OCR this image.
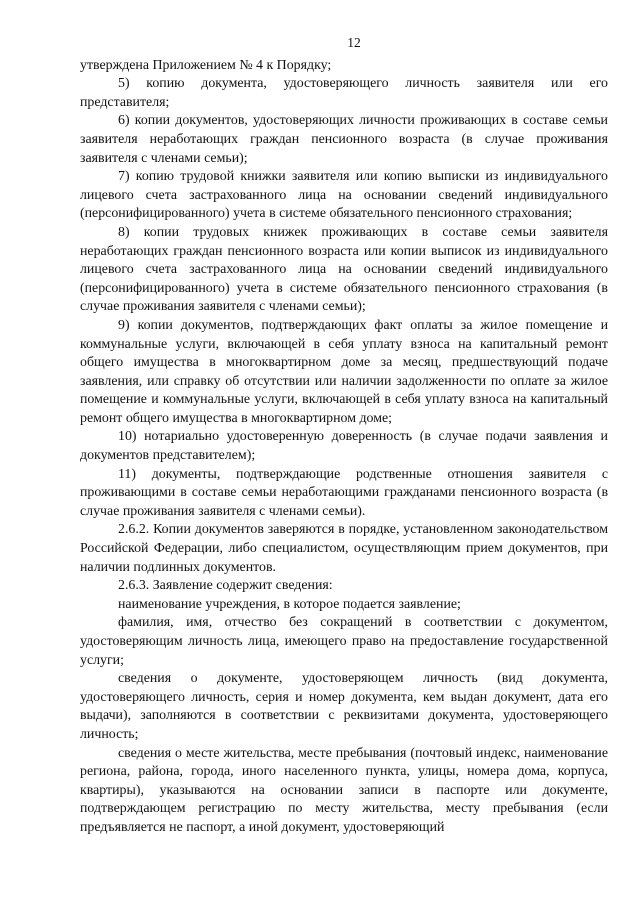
12

утверждена Приложением № 4 к Порядку;

5) копию документа, удостоверяющего личность заявителя или его представителя;

6) копии документов, удостоверяющих личности проживающих в составе семьи заявителя неработающих граждан пенсионного возраста (в случае проживания заявителя с членами семьи);

7) копию трудовой книжки заявителя или копию выписки из индивидуального лицевого счета застрахованного лица на основании сведений индивидуального (персонифицированного) учета в системе обязательного пенсионного страхования;

8) копии трудовых книжек проживающих в составе семьи заявителя неработающих граждан пенсионного возраста или копии выписок из индивидуального лицевого счета застрахованного лица на основании сведений индивидуального (персонифицированного) учета в системе обязательного пенсионного страхования (в случае проживания заявителя с членами семьи);

9) копии документов, подтверждающих факт оплаты за жилое помещение и коммунальные услуги, включающей в себя уплату взноса на капитальный ремонт общего имущества в многоквартирном доме за месяц, предшествующий подаче заявления, или справку об отсутствии или наличии задолженности по оплате за жилое помещение и коммунальные услуги, включающей в себя уплату взноса на капитальный ремонт общего имущества в многоквартирном доме;

10) нотариально удостоверенную доверенность (в случае подачи заявления и документов представителем);

11) документы, подтверждающие родственные отношения заявителя с проживающими в составе семьи неработающими гражданами пенсионного возраста (в случае проживания заявителя с членами семьи).

2.6.2. Копии документов заверяются в порядке, установленном законодательством Российской Федерации, либо специалистом, осуществляющим прием документов, при наличии подлинных документов.

2.6.3. Заявление содержит сведения:

наименование учреждения, в которое подается заявление;

фамилия, имя, отчество без сокращений в соответствии с документом, удостоверяющим личность лица, имеющего право на предоставление государственной услуги;

сведения о документе, удостоверяющем личность (вид документа, удостоверяющего личность, серия и номер документа, кем выдан документ, дата его выдачи), заполняются в соответствии с реквизитами документа, удостоверяющего личность;

сведения о месте жительства, месте пребывания (почтовый индекс, наименование региона, района, города, иного населенного пункта, улицы, номера дома, корпуса, квартиры), указываются на основании записи в паспорте или документе, подтверждающем регистрацию по месту жительства, месту пребывания (если предъявляется не паспорт, а иной документ, удостоверяющий
